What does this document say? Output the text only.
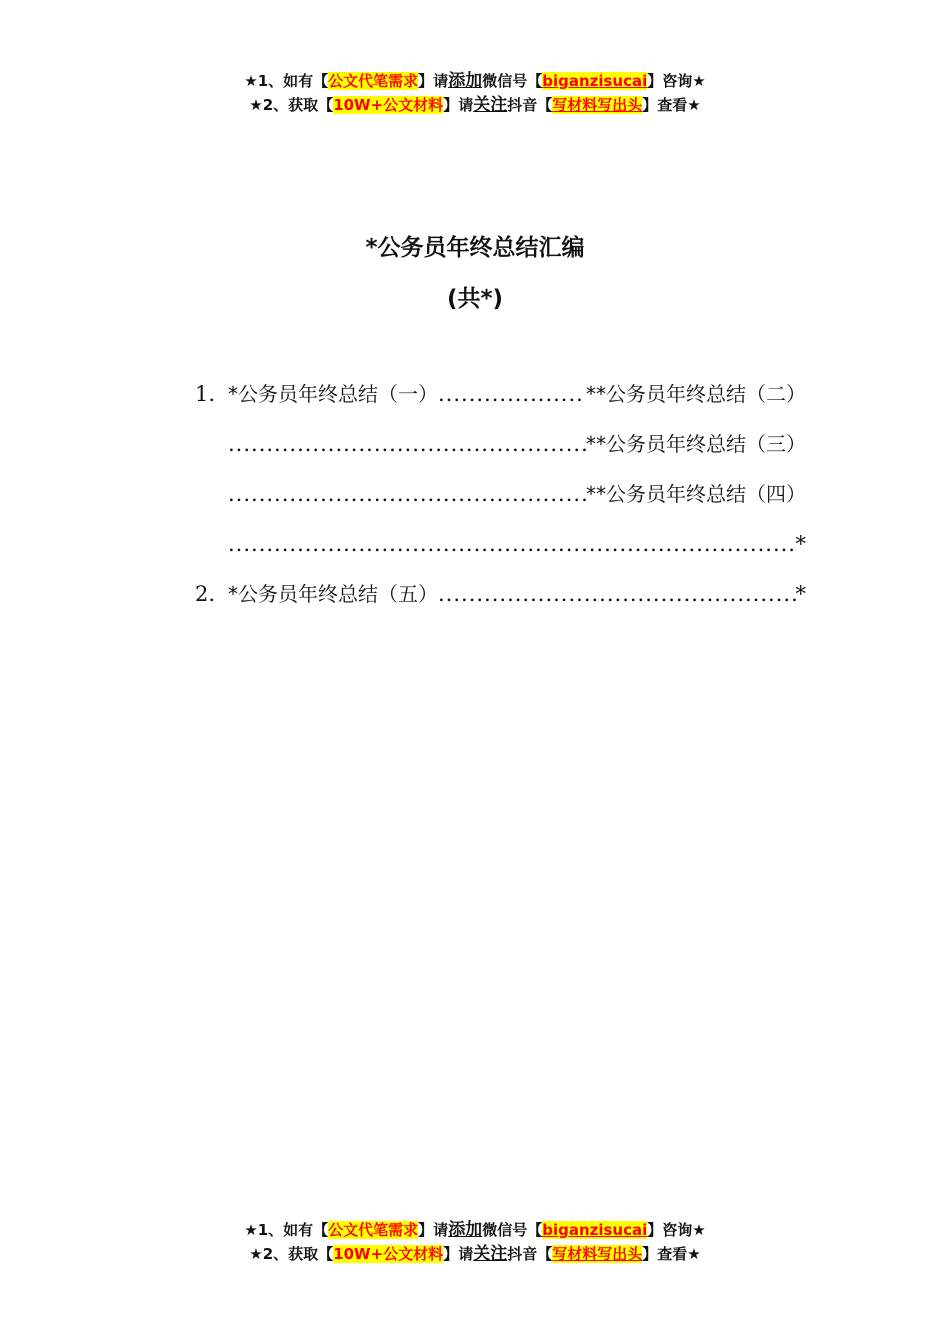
★1、如有【公文代笔需求】请添加微信号【biganzisucai】咨询★
★2、获取【10W+公文材料】请关注抖音【写材料写出头】查看★
*公务员年终总结汇编
(共*)
1. *公务员年终总结（一） .....	**公务员年终总结（二）
.....
**公务员年终总结（三）
.....
**公务员年终总结（四）
.....
*
2. *公务员年终总结（五） .....	*
★1、如有【公文代笔需求】请添加微信号【biganzisucai】咨询★
★2、获取【10W+公文材料】请关注抖音【写材料写出头】查看★
